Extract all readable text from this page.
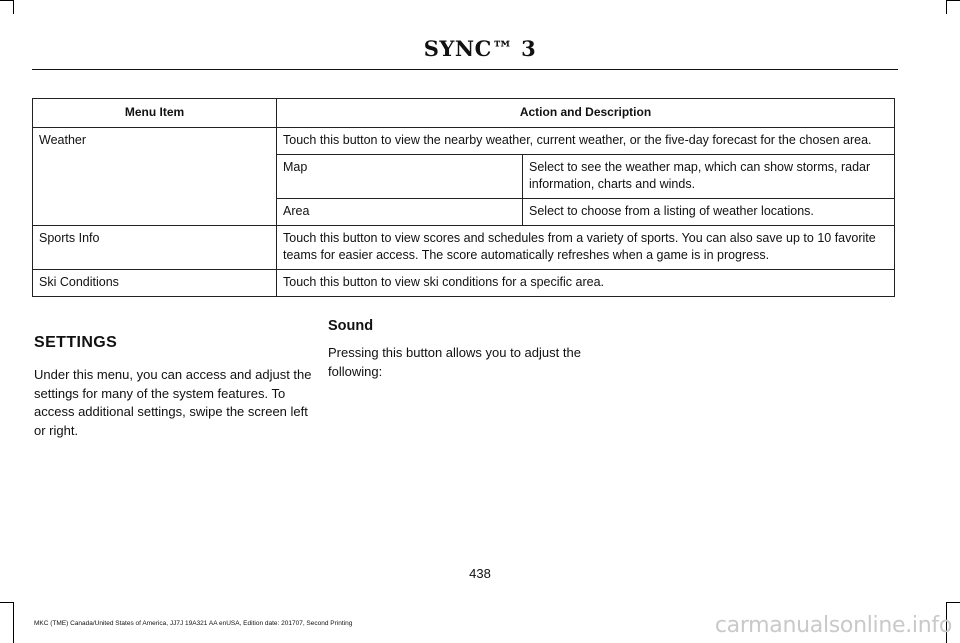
SYNC™ 3
Menu Item	Action and Description	
Weather	Touch this button to view the nearby weather, current weather, or the five-day forecast for the chosen area.	
	Map	Select to see the weather map, which can show storms, radar information, charts and winds.
	Area	Select to choose from a listing of weather locations.
Sports Info	Touch this button to view scores and schedules from a variety of sports. You can also save up to 10 favorite teams for easier access. The score automatically refreshes when a game is in progress.	
Ski Conditions	Touch this button to view ski conditions for a specific area.	
SETTINGS

Under this menu, you can access and adjust the settings for many of the system features. To access additional settings, swipe the screen left or right.

Sound

Pressing this button allows you to adjust the following:

438
MKC (TME) Canada/United States of America, JJ7J 19A321 AA enUSA, Edition date: 201707, Second Printing	carmanualsonline.info
